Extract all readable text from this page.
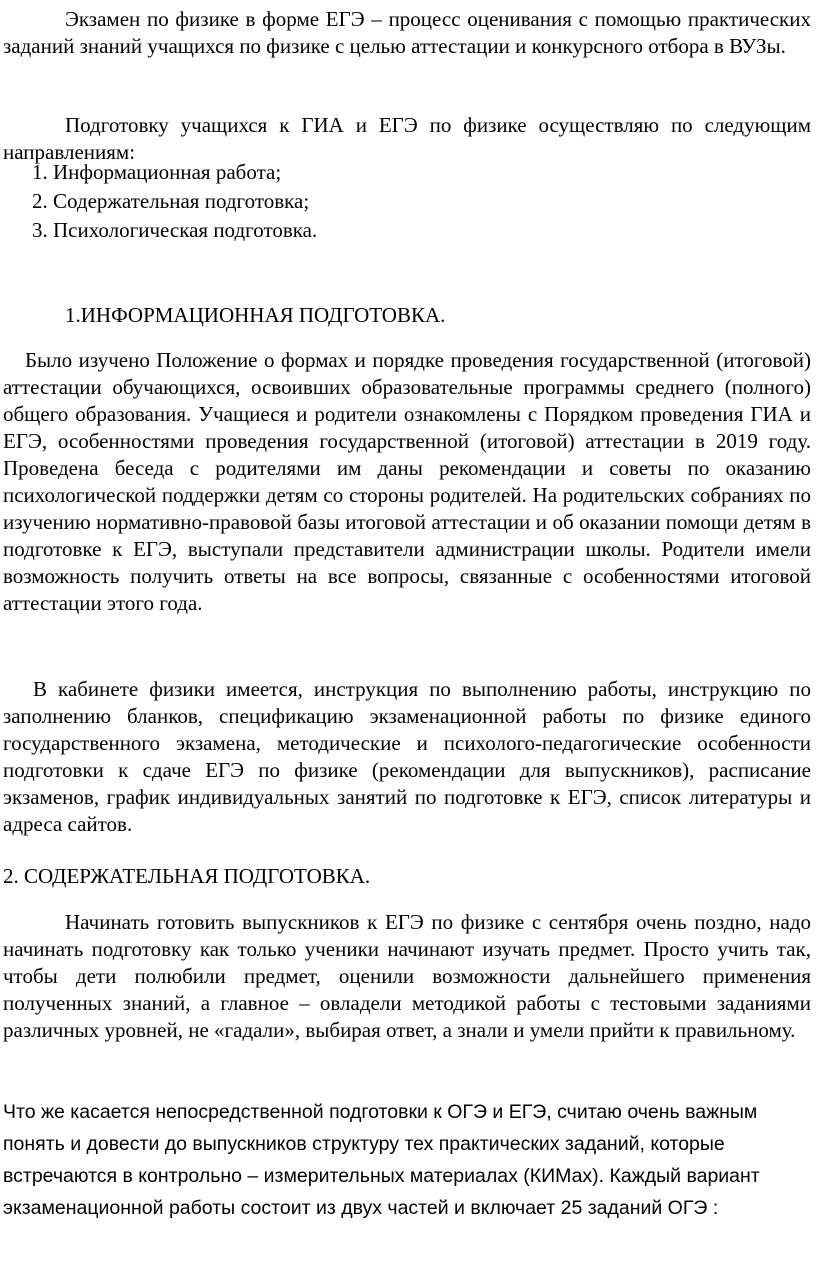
Экзамен по физике в форме ЕГЭ – процесс оценивания с помощью практических заданий знаний учащихся по физике с целью аттестации и конкурсного отбора в ВУЗы.

Подготовку учащихся к ГИА и ЕГЭ по физике осуществляю по следующим направлениям:

1. Информационная работа;
2. Содержательная подготовка;
3. Психологическая подготовка.
1.ИНФОРМАЦИОННАЯ ПОДГОТОВКА.

Было изучено Положение о формах и порядке проведения государственной (итоговой) аттестации обучающихся, освоивших образовательные программы среднего (полного) общего образования. Учащиеся и родители ознакомлены с Порядком проведения ГИА и ЕГЭ, особенностями проведения государственной (итоговой) аттестации в 2019 году. Проведена беседа с родителями им даны рекомендации и советы по оказанию психологической поддержки детям со стороны родителей. На родительских собраниях по изучению нормативно-правовой базы итоговой аттестации и об оказании помощи детям в подготовке к ЕГЭ, выступали представители администрации школы. Родители имели возможность получить ответы на все вопросы, связанные с особенностями итоговой аттестации этого года.

В кабинете физики имеется, инструкция по выполнению работы, инструкцию по заполнению бланков, спецификацию экзаменационной работы по физике единого государственного экзамена, методические и психолого-педагогические особенности подготовки к сдаче ЕГЭ по физике (рекомендации для выпускников), расписание экзаменов, график индивидуальных занятий по подготовке к ЕГЭ, список литературы и адреса сайтов.

2. СОДЕРЖАТЕЛЬНАЯ ПОДГОТОВКА.

Начинать готовить выпускников к ЕГЭ по физике с сентября очень поздно, надо начинать подготовку как только ученики начинают изучать предмет. Просто учить так, чтобы дети полюбили предмет, оценили возможности дальнейшего применения полученных знаний, а главное – овладели методикой работы с тестовыми заданиями различных уровней, не «гадали», выбирая ответ, а знали и умели прийти к правильному.

Что же касается непосредственной подготовки к ОГЭ и ЕГЭ, считаю очень важным понять и довести до выпускников структуру тех практических заданий, которые встречаются в контрольно – измерительных материалах (КИМах). Каждый вариант экзаменационной работы состоит из двух частей и включает 25 заданий ОГЭ :
